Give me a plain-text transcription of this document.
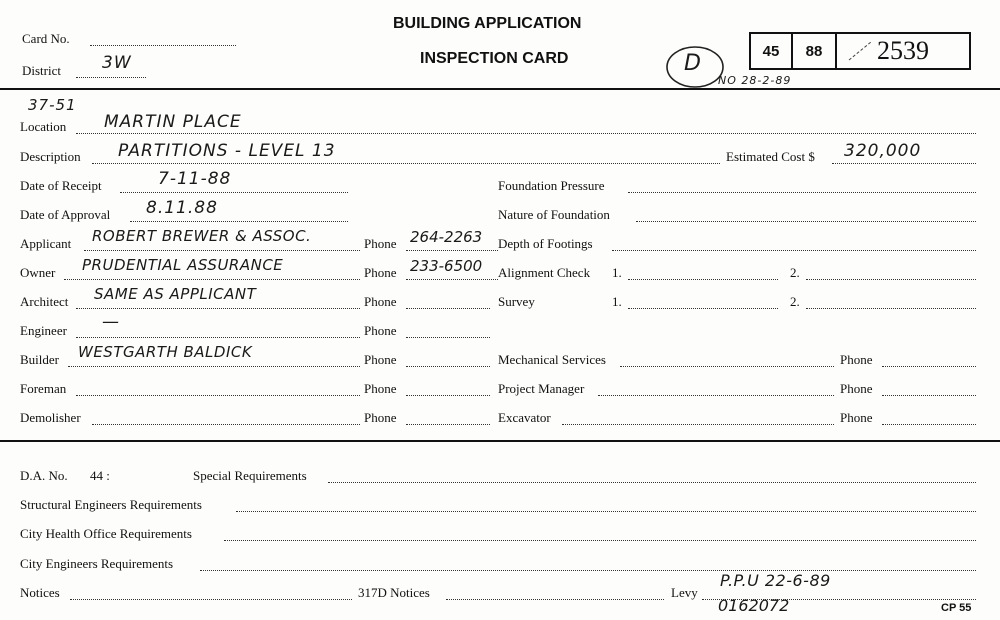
Card No.
District 3W
BUILDING APPLICATION
INSPECTION CARD	D
NO 28-2-89
45 88 2539
37-51
Location MARTIN PLACE
Description PARTITIONS - LEVEL 13	Estimated Cost $ 320,000
Date of Receipt	7-11-88	Foundation Pressure
Date of Approval 8.11.88	Nature of Foundation
Applicant ROBERT BREWER & ASSOC.	Phone 264-2263 Depth of Footings
Owner PRUDENTIAL ASSURANCE	Phone 233-6500 Alignment Check 1.	2.
Architect SAME AS APPLICANT	Phone	Survey	1.	2.
Engineer —	Phone
Builder WESTGARTH BALDICK	Phone	Mechanical Services	Phone
Foreman	Phone	Project Manager	Phone
Demolisher	Phone	Excavator	Phone
D.A. No. 44 :	Special Requirements
Structural Engineers Requirements
City Health Office Requirements
City Engineers Requirements
Notices	317D Notices	Levy
P.P.U 22-6-89
0162072	CP 55
